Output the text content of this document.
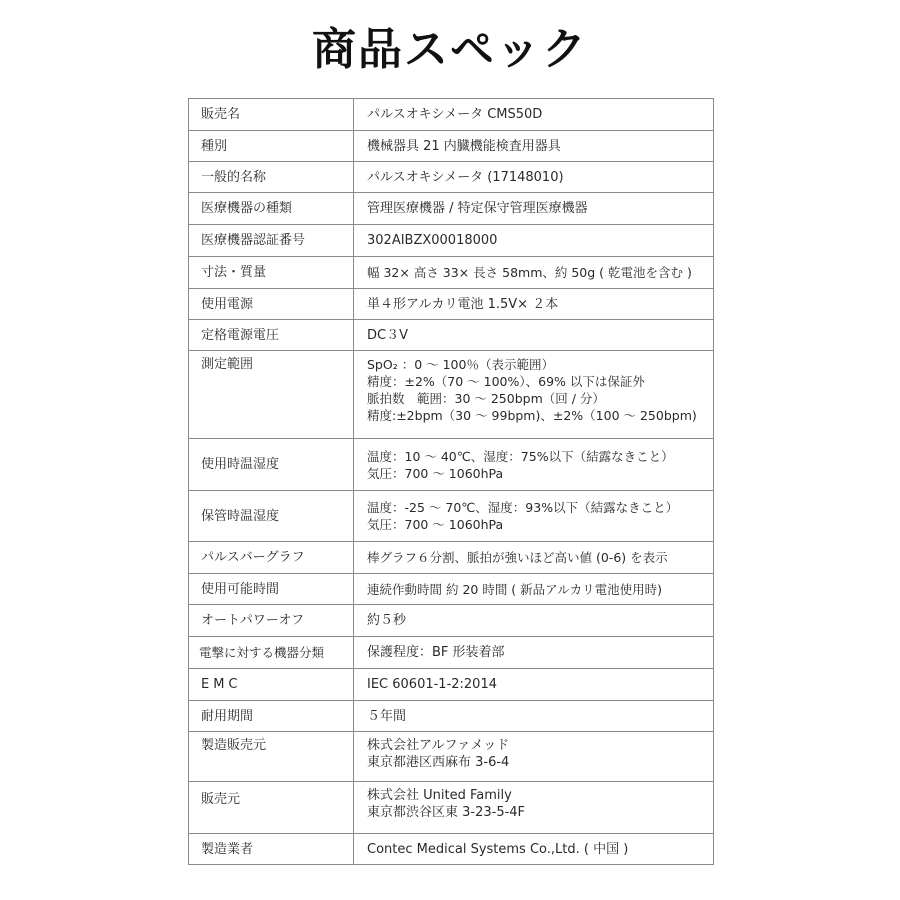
商品スペック
販売名	パルスオキシメータ CMS50D

種別	機械器具 21 内臓機能検査用器具

一般的名称	パルスオキシメータ (17148010)

医療機器の種類	管理医療機器 / 特定保守管理医療機器

医療機器認証番号	302AIBZX00018000

寸法・質量	幅 32× 高さ 33× 長さ 58mm、約 50g ( 乾電池を含む )

使用電源	単４形アルカリ電池 1.5V× ２本

定格電源電圧	DC３V

測定範囲	SpO₂ ：0 ～ 100％（表示範囲）
精度：±2%（70 ～ 100%）、69% 以下は保証外
脈拍数　範囲：30 ～ 250bpm（回 / 分）
精度:±2bpm（30 ～ 99bpm)、±2%（100 ～ 250bpm)

使用時温湿度	温度：10 ～ 40℃、湿度：75%以下（結露なきこと）
気圧：700 ～ 1060hPa

保管時温湿度	温度：-25 ～ 70℃、湿度：93%以下（結露なきこと）
気圧：700 ～ 1060hPa

パルスバーグラフ	棒グラフ６分割、脈拍が強いほど高い値 (0-6) を表示

使用可能時間	連続作動時間 約 20 時間 ( 新品アルカリ電池使用時)

オートパワーオフ	約５秒

電撃に対する機器分類	保護程度：BF 形装着部

EMC	IEC 60601-1-2:2014

耐用期間	５年間

製造販売元	株式会社アルファメッド
東京都港区西麻布 3-6-4

販売元	株式会社 United Family
東京都渋谷区東 3-23-5-4F

製造業者	Contec Medical Systems Co.,Ltd. ( 中国 )
